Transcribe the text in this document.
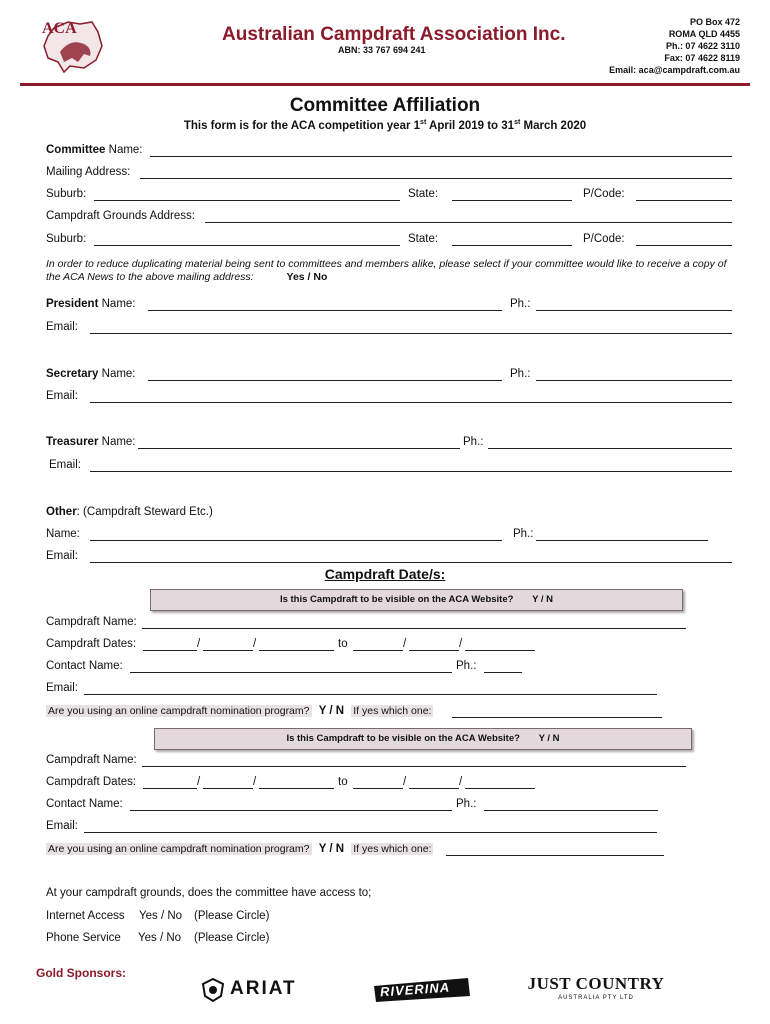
ACA	Australian Campdraft Association Inc.
ABN: 33 767 694 241
PO Box 472
ROMA QLD 4455
Ph.: 07 4622 3110
Fax: 07 4622 8119
Email: aca@campdraft.com.au
Committee Affiliation
This form is for the ACA competition year 1st April 2019 to 31st March 2020
Committee Name:
Mailing Address:
Suburb:	State:	P/Code:
Campdraft Grounds Address:
Suburb:	State:	P/Code:
In order to reduce duplicating material being sent to committees and members alike, please select if your committee would like to receive a copy of the ACA News to the above mailing address:	Yes / No
President Name:	Ph.:
Email:
Secretary Name:	Ph.:
Email:
Treasurer Name:	Ph.:
Email:
Other: (Campdraft Steward Etc.)
Name:	Ph.:
Email:
Campdraft Date/s:
Is this Campdraft to be visible on the ACA Website? Y / N
Campdraft Name:
Campdraft Dates:	/	/	to	/	/
Contact Name:	Ph.:
Email:
Are you using an online campdraft nomination program? Y / N If yes which one:
Is this Campdraft to be visible on the ACA Website? Y / N
Campdraft Name:
Campdraft Dates:	/	/	to	/	/
Contact Name:	Ph.:
Email:
Are you using an online campdraft nomination program? Y / N If yes which one:
At your campdraft grounds, does the committee have access to;
Internet Access Yes / No (Please Circle)
Phone Service Yes / No (Please Circle)
Gold Sponsors:
ARIAT	RIVERINA	JUST COUNTRY
AUSTRALIA PTY LTD
